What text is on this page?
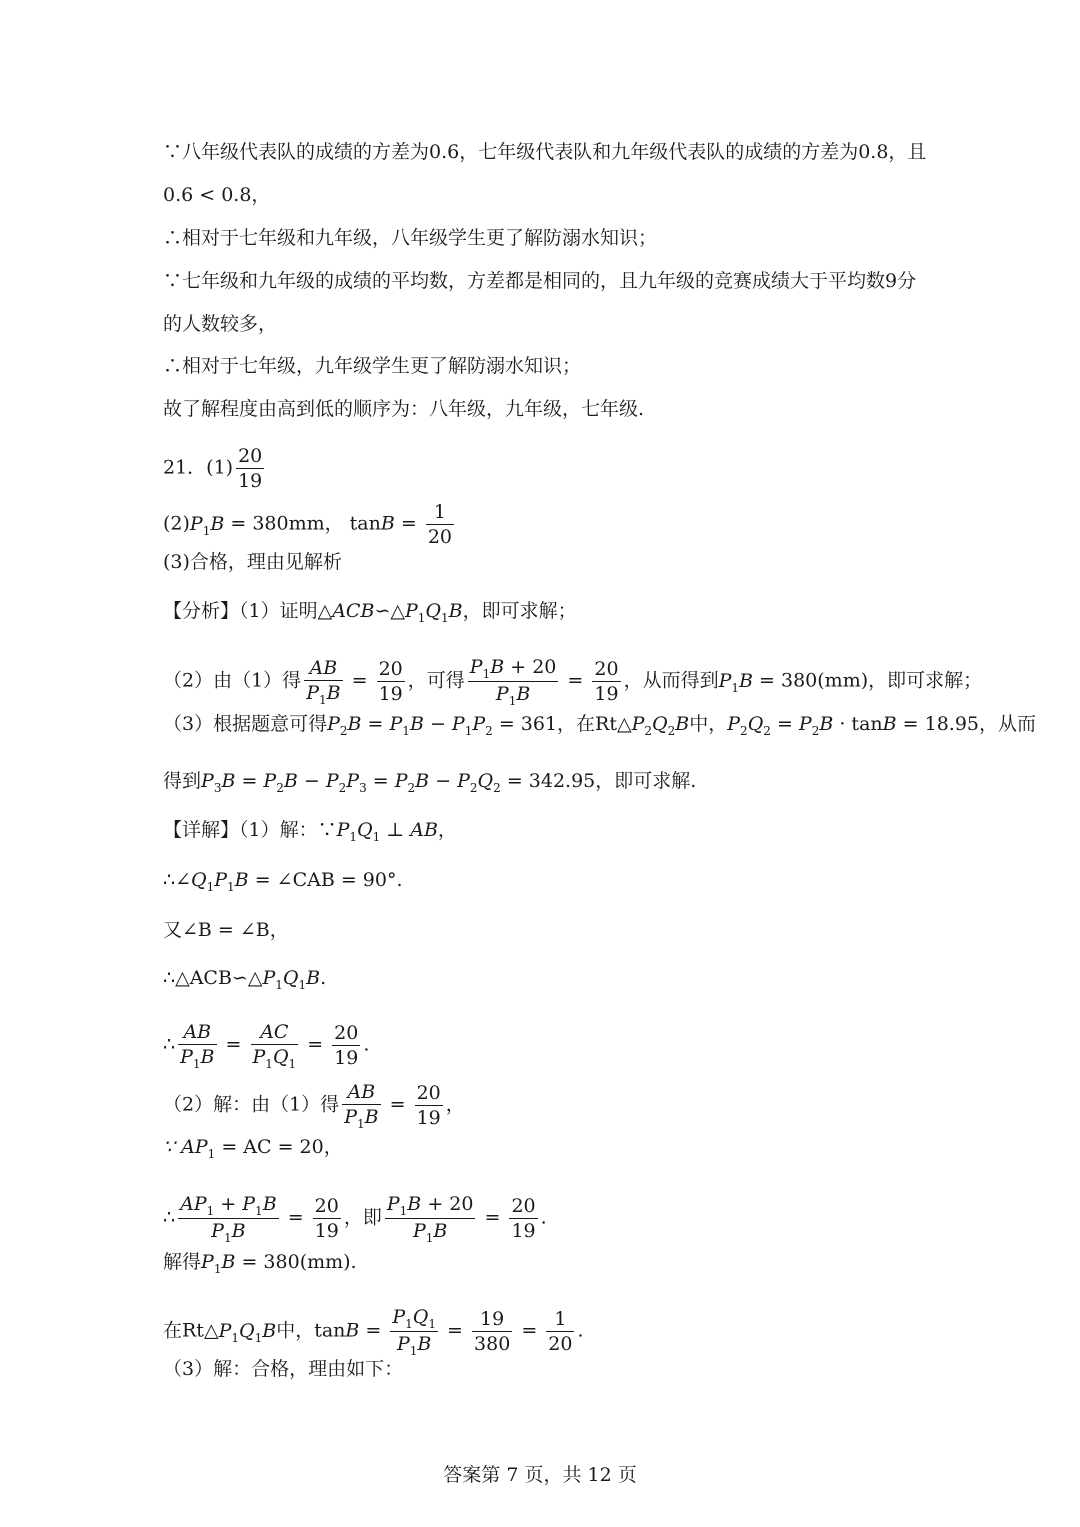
∵八年级代表队的成绩的方差为0.6，七年级代表队和九年级代表队的成绩的方差为0.8，且
0.6 < 0.8，
∴相对于七年级和九年级，八年级学生更了解防溺水知识；
∵七年级和九年级的成绩的平均数，方差都是相同的，且九年级的竞赛成绩大于平均数9分
的人数较多，
∴相对于七年级，九年级学生更了解防溺水知识；
故了解程度由高到低的顺序为：八年级，九年级，七年级.
21．$(1) \frac{20}{19}$
$(2)P_1B = 380mm$， $\tan B = \frac{1}{20}$
(3)合格，理由见解析
【分析】（1）证明$\triangle ACB∽\triangle P_1Q_1B$，即可求解；
（2）由（1）得 $\frac{AB}{P_1B} = \frac{20}{19}$ ，可得 $\frac{P_1B + 20}{P_1B} = \frac{20}{19}$ ，从而得到$P_1B = 380(mm)$，即可求解；
（3）根据题意可得$P_2B = P_1B - P_1P_2 = 361$，在$Rt\triangle P_2Q_2B$中，$P_2Q_2 = P_2B \cdot \tan B = 18.95$，从而
得到$P_3B = P_2B - P_2P_3 = P_2B - P_2Q_2 = 342.95$，即可求解.
【详解】（1）解：$\because P_1Q_1$ ⊥ AB，
$\therefore\angle Q_1P_1B$ = ∠CAB = 90°.
又∠B = ∠B，
$\therefore\triangle ACB∽\triangle P_1Q_1B$.
∴ $\frac{AB}{P_1B} = \frac{AC}{P_1Q_1} = \frac{20}{19}$ .
（2）解：由（1）得 $\frac{AB}{P_1B} = \frac{20}{19}$ ，
∵ $AP_1$ = AC = 20，
∴ $\frac{AP_1 + P_1B}{P_1B} = \frac{20}{19}$ ，即 $\frac{P_1B + 20}{P_1B} = \frac{20}{19}$ .
解得$P_1B = 380(mm)$.
在$Rt\triangle P_1Q_1B$中，$\tan B = \frac{P_1Q_1}{P_1B} = \frac{19}{380} = \frac{1}{20}$ .
（3）解：合格，理由如下：
答案第 7 页，共 12 页
